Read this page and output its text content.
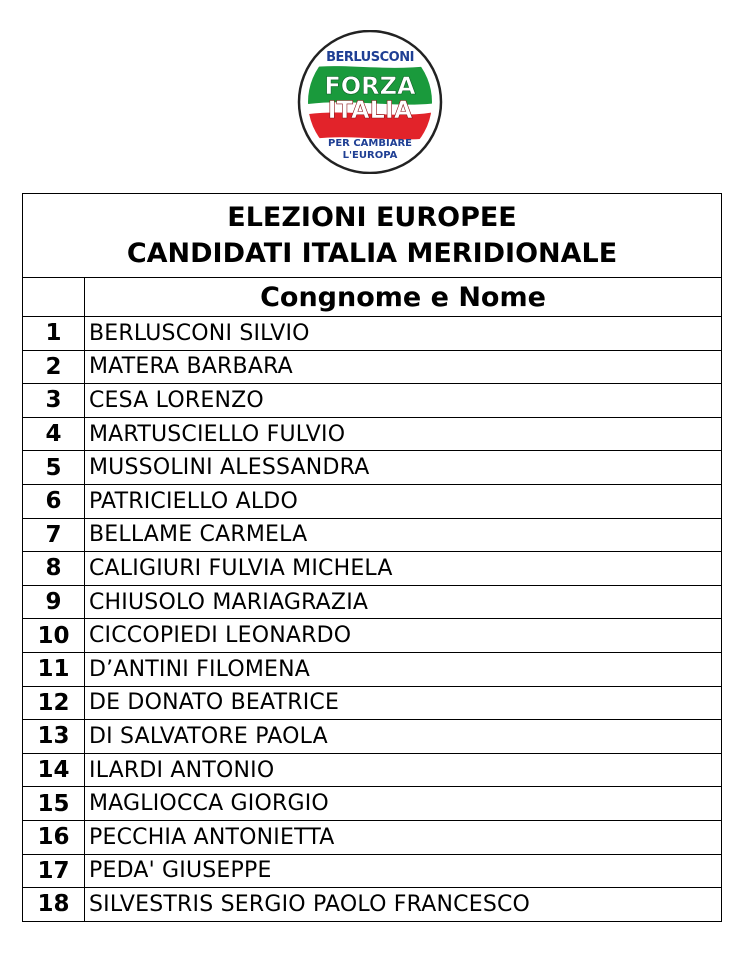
BERLUSCONI
FORZA
ITALIA
PER CAMBIARE
L'EUROPA
ELEZIONI EUROPEE
CANDIDATI ITALIA MERIDIONALE	

	Congnome e Nome
1	BERLUSCONI SILVIO
2	MATERA BARBARA
3	CESA LORENZO
4	MARTUSCIELLO FULVIO
5	MUSSOLINI ALESSANDRA
6	PATRICIELLO ALDO
7	BELLAME CARMELA
8	CALIGIURI FULVIA MICHELA
9	CHIUSOLO MARIAGRAZIA
10	CICCOPIEDI LEONARDO
11	D’ANTINI FILOMENA
12	DE DONATO BEATRICE
13	DI SALVATORE PAOLA
14	ILARDI ANTONIO
15	MAGLIOCCA GIORGIO
16	PECCHIA ANTONIETTA
17	PEDA' GIUSEPPE
18	SILVESTRIS SERGIO PAOLO FRANCESCO
